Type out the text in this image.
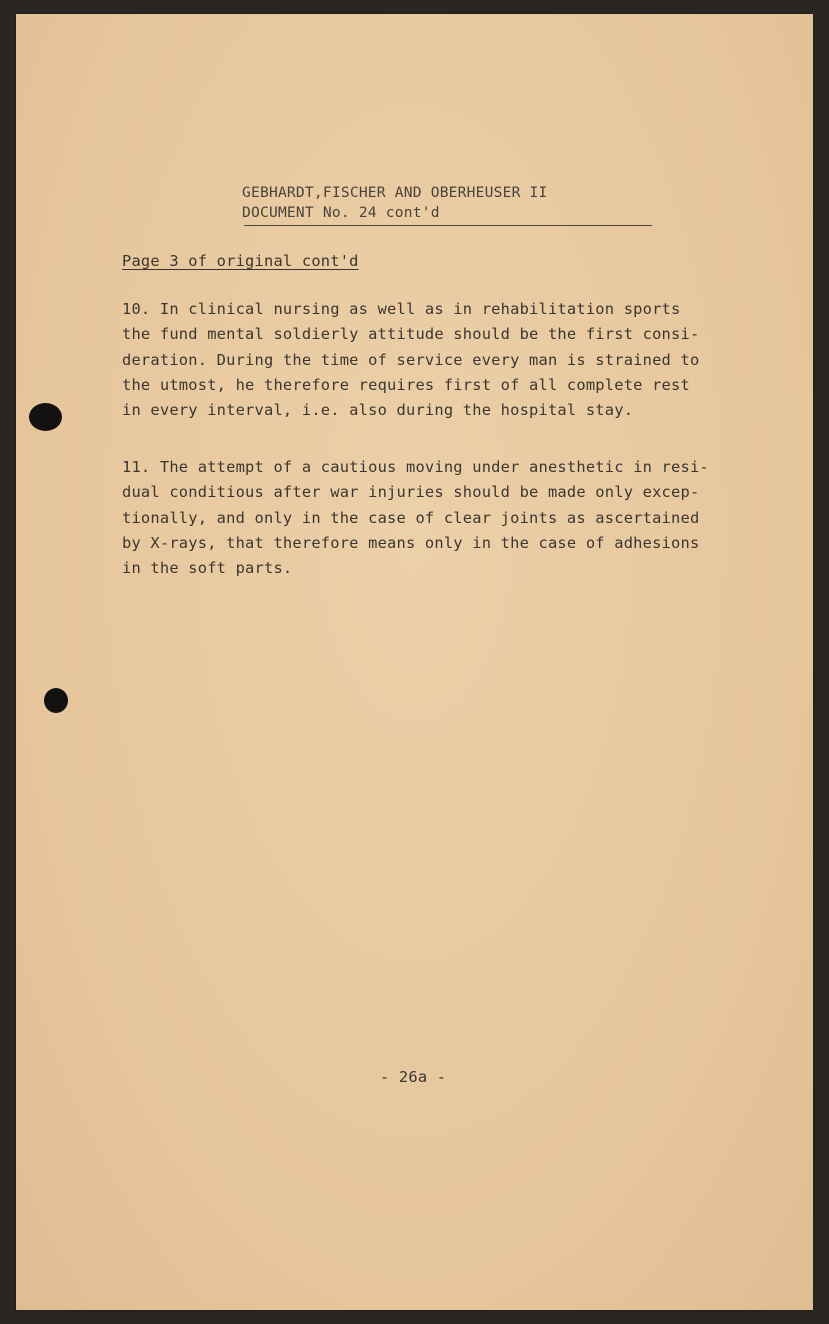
GEBHARDT,FISCHER AND OBERHEUSER II
DOCUMENT No. 24 cont'd
Page 3 of original cont'd
10. In clinical nursing as well as in rehabilitation sports
the fund mental soldierly attitude should be the first consi-
deration. During the time of service every man is strained to
the utmost, he therefore requires first of all complete rest
in every interval, i.e. also during the hospital stay.
11. The attempt of a cautious moving under anesthetic in resi-
dual conditious after war injuries should be made only excep-
tionally, and only in the case of clear joints as ascertained
by X-rays, that therefore means only in the case of adhesions
in the soft parts.
- 26a -
